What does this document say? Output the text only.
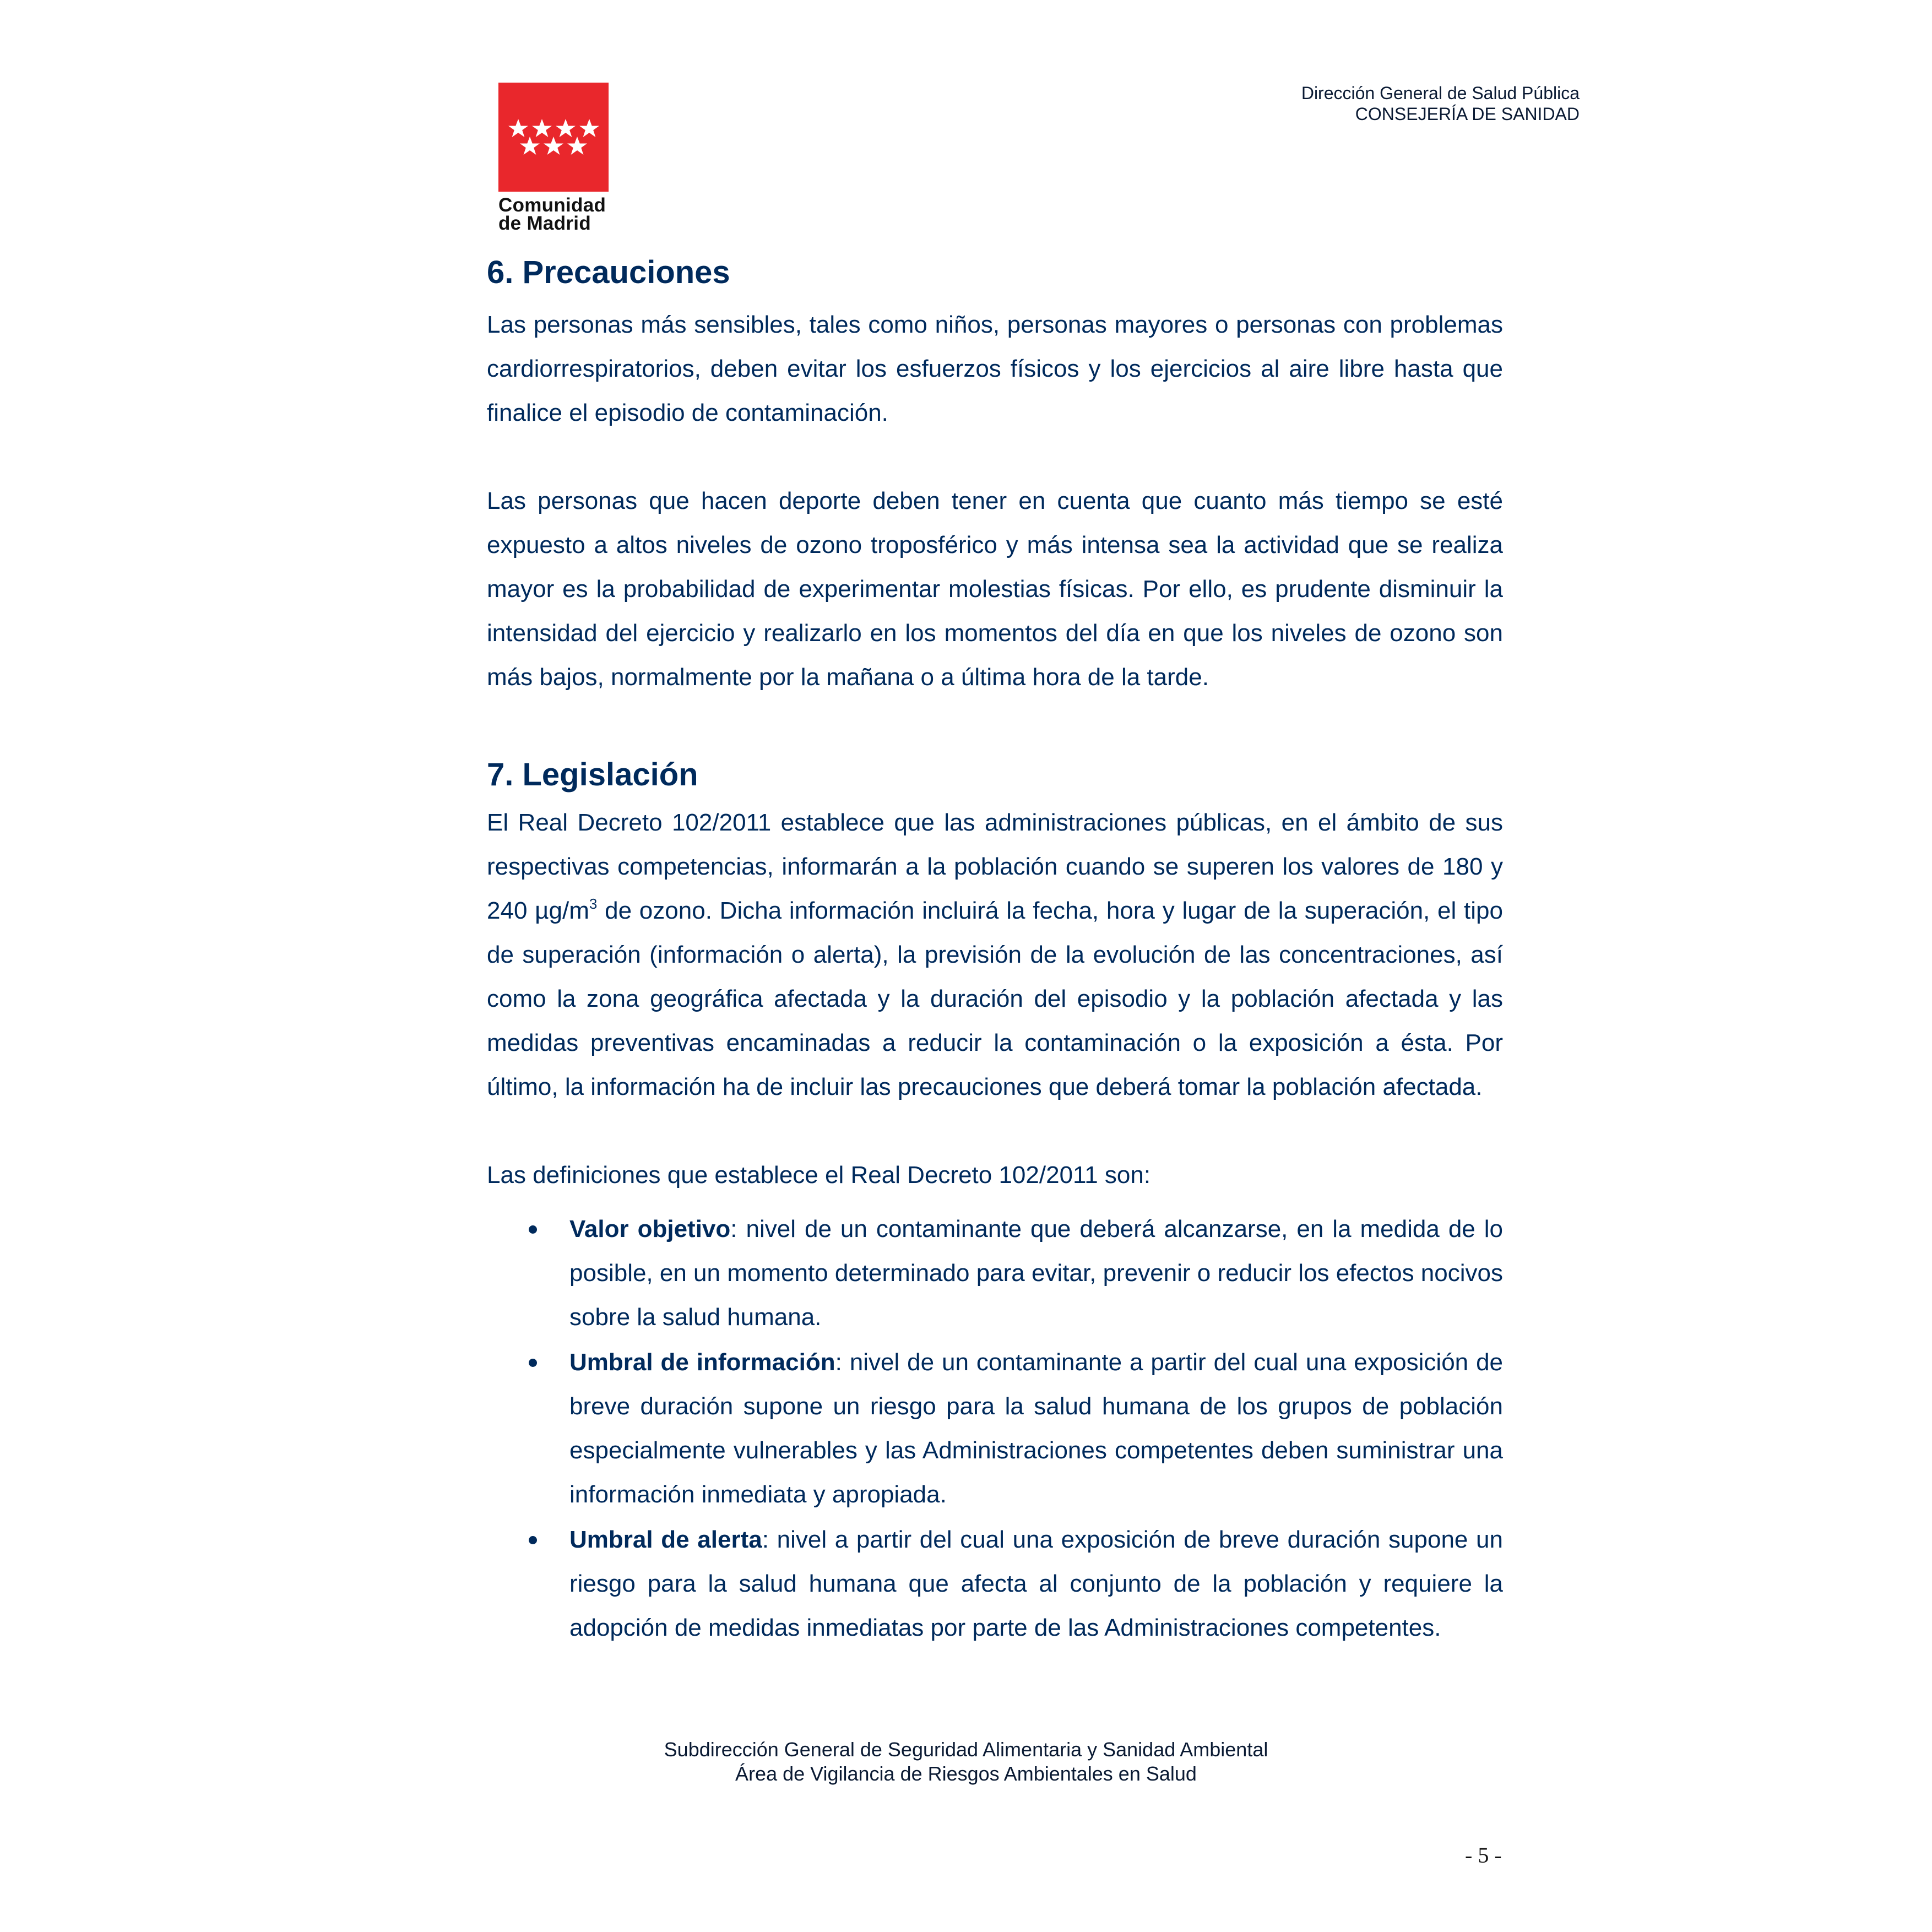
Comunidad
de Madrid
Dirección General de Salud Pública
CONSEJERÍA DE SANIDAD
6. Precauciones

Las personas más sensibles, tales como niños, personas mayores o personas con problemas cardiorrespiratorios, deben evitar los esfuerzos físicos y los ejercicios al aire libre hasta que finalice el episodio de contaminación.

Las personas que hacen deporte deben tener en cuenta que cuanto más tiempo se esté expuesto a altos niveles de ozono troposférico y más intensa sea la actividad que se realiza mayor es la probabilidad de experimentar molestias físicas. Por ello, es prudente disminuir la intensidad del ejercicio y realizarlo en los momentos del día en que los niveles de ozono son más bajos, normalmente por la mañana o a última hora de la tarde.

7. Legislación

El Real Decreto 102/2011 establece que las administraciones públicas, en el ámbito de sus respectivas competencias, informarán a la población cuando se superen los valores de 180 y 240 $\mu g/m^3$ de ozono. Dicha información incluirá la fecha, hora y lugar de la superación, el tipo de superación (información o alerta), la previsión de la evolución de las concentraciones, así como la zona geográfica afectada y la duración del episodio y la población afectada y las medidas preventivas encaminadas a reducir la contaminación o la exposición a ésta. Por último, la información ha de incluir las precauciones que deberá tomar la población afectada.

Las definiciones que establece el Real Decreto 102/2011 son:

Valor objetivo: nivel de un contaminante que deberá alcanzarse, en la medida de lo posible, en un momento determinado para evitar, prevenir o reducir los efectos nocivos sobre la salud humana.
Umbral de información: nivel de un contaminante a partir del cual una exposición de breve duración supone un riesgo para la salud humana de los grupos de población especialmente vulnerables y las Administraciones competentes deben suministrar una información inmediata y apropiada.
Umbral de alerta: nivel a partir del cual una exposición de breve duración supone un riesgo para la salud humana que afecta al conjunto de la población y requiere la adopción de medidas inmediatas por parte de las Administraciones competentes.
Subdirección General de Seguridad Alimentaria y Sanidad Ambiental
Área de Vigilancia de Riesgos Ambientales en Salud
- 5 -
